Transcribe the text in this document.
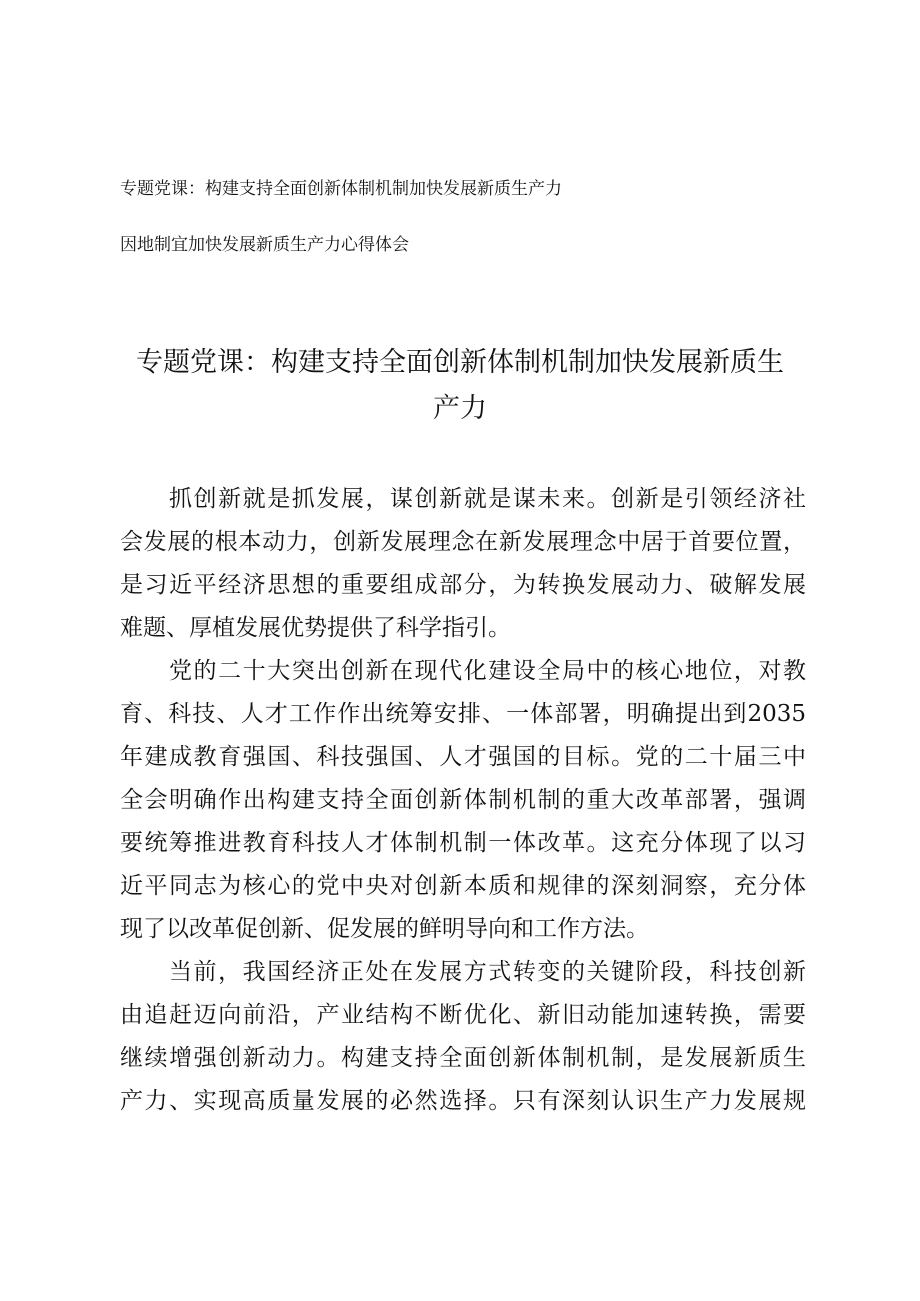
专题党课：构建支持全面创新体制机制加快发展新质生产力
因地制宜加快发展新质生产力心得体会
专题党课：构建支持全面创新体制机制加快发展新质生
产力
抓创新就是抓发展，谋创新就是谋未来。创新是引领经济社
会发展的根本动力，创新发展理念在新发展理念中居于首要位置，
是习近平经济思想的重要组成部分，为转换发展动力、破解发展
难题、厚植发展优势提供了科学指引。
党的二十大突出创新在现代化建设全局中的核心地位，对教
育、科技、人才工作作出统筹安排、一体部署，明确提出到2035
年建成教育强国、科技强国、人才强国的目标。党的二十届三中
全会明确作出构建支持全面创新体制机制的重大改革部署，强调
要统筹推进教育科技人才体制机制一体改革。这充分体现了以习
近平同志为核心的党中央对创新本质和规律的深刻洞察，充分体
现了以改革促创新、促发展的鲜明导向和工作方法。
当前，我国经济正处在发展方式转变的关键阶段，科技创新
由追赶迈向前沿，产业结构不断优化、新旧动能加速转换，需要
继续增强创新动力。构建支持全面创新体制机制，是发展新质生
产力、实现高质量发展的必然选择。只有深刻认识生产力发展规
